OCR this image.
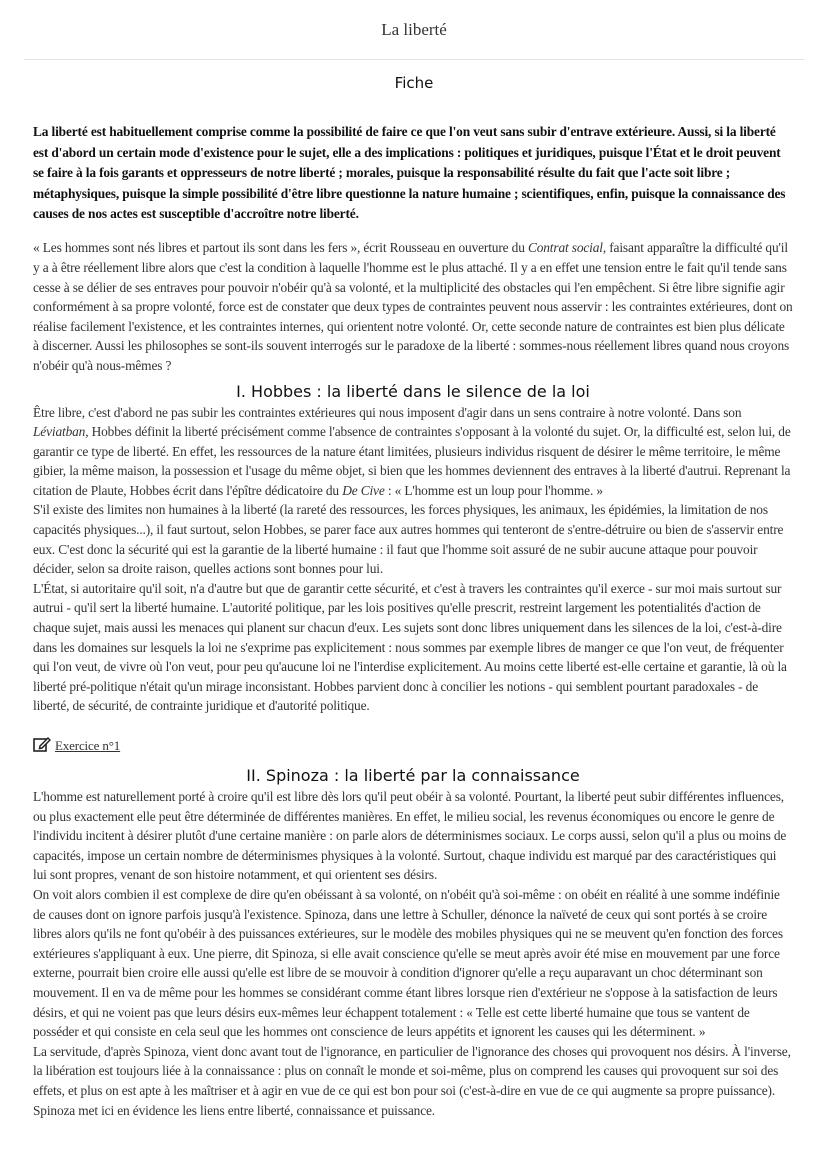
La liberté
Fiche

La liberté est habituellement comprise comme la possibilité de faire ce que l'on veut sans subir d'entrave extérieure. Aussi, si la liberté est d'abord un certain mode d'existence pour le sujet, elle a des implications : politiques et juridiques, puisque l'État et le droit peuvent se faire à la fois garants et oppresseurs de notre liberté ; morales, puisque la responsabilité résulte du fait que l'acte soit libre ; métaphysiques, puisque la simple possibilité d'être libre questionne la nature humaine ; scientifiques, enfin, puisque la connaissance des causes de nos actes est susceptible d'accroître notre liberté.

« Les hommes sont nés libres et partout ils sont dans les fers », écrit Rousseau en ouverture du Contrat social, faisant apparaître la difficulté qu'il y a à être réellement libre alors que c'est la condition à laquelle l'homme est le plus attaché. Il y a en effet une tension entre le fait qu'il tende sans cesse à se délier de ses entraves pour pouvoir n'obéir qu'à sa volonté, et la multiplicité des obstacles qui l'en empêchent. Si être libre signifie agir conformément à sa propre volonté, force est de constater que deux types de contraintes peuvent nous asservir : les contraintes extérieures, dont on réalise facilement l'existence, et les contraintes internes, qui orientent notre volonté. Or, cette seconde nature de contraintes est bien plus délicate à discerner. Aussi les philosophes se sont-ils souvent interrogés sur le paradoxe de la liberté : sommes-nous réellement libres quand nous croyons n'obéir qu'à nous-mêmes ?

I. Hobbes : la liberté dans le silence de la loi

Être libre, c'est d'abord ne pas subir les contraintes extérieures qui nous imposent d'agir dans un sens contraire à notre volonté. Dans son Léviatban, Hobbes définit la liberté précisément comme l'absence de contraintes s'opposant à la volonté du sujet. Or, la difficulté est, selon lui, de garantir ce type de liberté. En effet, les ressources de la nature étant limitées, plusieurs individus risquent de désirer le même territoire, le même gibier, la même maison, la possession et l'usage du même objet, si bien que les hommes deviennent des entraves à la liberté d'autrui. Reprenant la citation de Plaute, Hobbes écrit dans l'épître dédicatoire du De Cive : « L'homme est un loup pour l'homme. »

S'il existe des limites non humaines à la liberté (la rareté des ressources, les forces physiques, les animaux, les épidémies, la limitation de nos capacités physiques...), il faut surtout, selon Hobbes, se parer face aux autres hommes qui tenteront de s'entre-détruire ou bien de s'asservir entre eux. C'est donc la sécurité qui est la garantie de la liberté humaine : il faut que l'homme soit assuré de ne subir aucune attaque pour pouvoir décider, selon sa droite raison, quelles actions sont bonnes pour lui.

L'État, si autoritaire qu'il soit, n'a d'autre but que de garantir cette sécurité, et c'est à travers les contraintes qu'il exerce - sur moi mais surtout sur autrui - qu'il sert la liberté humaine. L'autorité politique, par les lois positives qu'elle prescrit, restreint largement les potentialités d'action de chaque sujet, mais aussi les menaces qui planent sur chacun d'eux. Les sujets sont donc libres uniquement dans les silences de la loi, c'est-à-dire dans les domaines sur lesquels la loi ne s'exprime pas explicitement : nous sommes par exemple libres de manger ce que l'on veut, de fréquenter qui l'on veut, de vivre où l'on veut, pour peu qu'aucune loi ne l'interdise explicitement. Au moins cette liberté est-elle certaine et garantie, là où la liberté pré-politique n'était qu'un mirage inconsistant. Hobbes parvient donc à concilier les notions - qui semblent pourtant paradoxales - de liberté, de sécurité, de contrainte juridique et d'autorité politique.

Exercice n°1
II. Spinoza : la liberté par la connaissance

L'homme est naturellement porté à croire qu'il est libre dès lors qu'il peut obéir à sa volonté. Pourtant, la liberté peut subir différentes influences, ou plus exactement elle peut être déterminée de différentes manières. En effet, le milieu social, les revenus économiques ou encore le genre de l'individu incitent à désirer plutôt d'une certaine manière : on parle alors de déterminismes sociaux. Le corps aussi, selon qu'il a plus ou moins de capacités, impose un certain nombre de déterminismes physiques à la volonté. Surtout, chaque individu est marqué par des caractéristiques qui lui sont propres, venant de son histoire notamment, et qui orientent ses désirs.

On voit alors combien il est complexe de dire qu'en obéissant à sa volonté, on n'obéit qu'à soi-même : on obéit en réalité à une somme indéfinie de causes dont on ignore parfois jusqu'à l'existence. Spinoza, dans une lettre à Schuller, dénonce la naïveté de ceux qui sont portés à se croire libres alors qu'ils ne font qu'obéir à des puissances extérieures, sur le modèle des mobiles physiques qui ne se meuvent qu'en fonction des forces extérieures s'appliquant à eux. Une pierre, dit Spinoza, si elle avait conscience qu'elle se meut après avoir été mise en mouvement par une force externe, pourrait bien croire elle aussi qu'elle est libre de se mouvoir à condition d'ignorer qu'elle a reçu auparavant un choc déterminant son mouvement. Il en va de même pour les hommes se considérant comme étant libres lorsque rien d'extérieur ne s'oppose à la satisfaction de leurs désirs, et qui ne voient pas que leurs désirs eux-mêmes leur échappent totalement : « Telle est cette liberté humaine que tous se vantent de posséder et qui consiste en cela seul que les hommes ont conscience de leurs appétits et ignorent les causes qui les déterminent. »

La servitude, d'après Spinoza, vient donc avant tout de l'ignorance, en particulier de l'ignorance des choses qui provoquent nos désirs. À l'inverse, la libération est toujours liée à la connaissance : plus on connaît le monde et soi-même, plus on comprend les causes qui provoquent sur soi des effets, et plus on est apte à les maîtriser et à agir en vue de ce qui est bon pour soi (c'est-à-dire en vue de ce qui augmente sa propre puissance). Spinoza met ici en évidence les liens entre liberté, connaissance et puissance.
